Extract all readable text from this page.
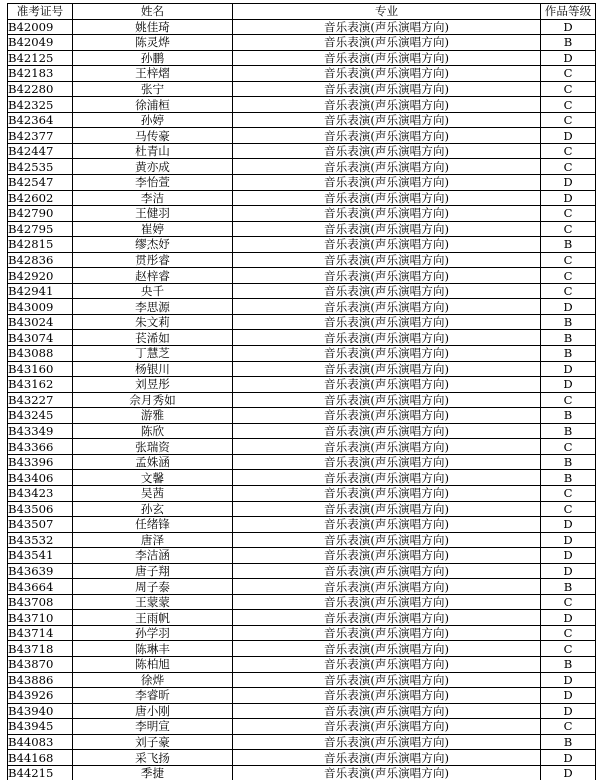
准考证号	姓名	专业	作品等级
B42009	姚佳琦	音乐表演(声乐演唱方向)	D
B42049	陈灵烨	音乐表演(声乐演唱方向)	B
B42125	孙鹏	音乐表演(声乐演唱方向)	D
B42183	王梓熠	音乐表演(声乐演唱方向)	C
B42280	张宁	音乐表演(声乐演唱方向)	C
B42325	徐浦桓	音乐表演(声乐演唱方向)	C
B42364	孙婷	音乐表演(声乐演唱方向)	C
B42377	马传豪	音乐表演(声乐演唱方向)	D
B42447	杜青山	音乐表演(声乐演唱方向)	C
B42535	黄亦成	音乐表演(声乐演唱方向)	C
B42547	李怡萱	音乐表演(声乐演唱方向)	D
B42602	李洁	音乐表演(声乐演唱方向)	D
B42790	王健羽	音乐表演(声乐演唱方向)	C
B42795	崔婷	音乐表演(声乐演唱方向)	C
B42815	缪杰妤	音乐表演(声乐演唱方向)	B
B42836	贯彤睿	音乐表演(声乐演唱方向)	C
B42920	赵梓睿	音乐表演(声乐演唱方向)	C
B42941	央千	音乐表演(声乐演唱方向)	C
B43009	李思源	音乐表演(声乐演唱方向)	D
B43024	朱文莉	音乐表演(声乐演唱方向)	B
B43074	苌浠如	音乐表演(声乐演唱方向)	B
B43088	丁慧芝	音乐表演(声乐演唱方向)	B
B43160	杨银川	音乐表演(声乐演唱方向)	D
B43162	刘昱彤	音乐表演(声乐演唱方向)	D
B43227	佘月秀如	音乐表演(声乐演唱方向)	C
B43245	游雅	音乐表演(声乐演唱方向)	B
B43349	陈欣	音乐表演(声乐演唱方向)	B
B43366	张瑞资	音乐表演(声乐演唱方向)	C
B43396	孟姝涵	音乐表演(声乐演唱方向)	B
B43406	文馨	音乐表演(声乐演唱方向)	B
B43423	吴茜	音乐表演(声乐演唱方向)	C
B43506	孙玄	音乐表演(声乐演唱方向)	C
B43507	任绪锋	音乐表演(声乐演唱方向)	D
B43532	唐泽	音乐表演(声乐演唱方向)	D
B43541	李洁涵	音乐表演(声乐演唱方向)	D
B43639	唐子翔	音乐表演(声乐演唱方向)	D
B43664	周子泰	音乐表演(声乐演唱方向)	B
B43708	王蒙蒙	音乐表演(声乐演唱方向)	C
B43710	王雨帆	音乐表演(声乐演唱方向)	D
B43714	孙学羽	音乐表演(声乐演唱方向)	C
B43718	陈琳丰	音乐表演(声乐演唱方向)	C
B43870	陈柏旭	音乐表演(声乐演唱方向)	B
B43886	徐烨	音乐表演(声乐演唱方向)	D
B43926	李睿昕	音乐表演(声乐演唱方向)	D
B43940	唐小刚	音乐表演(声乐演唱方向)	D
B43945	李明宣	音乐表演(声乐演唱方向)	C
B44083	刘子豪	音乐表演(声乐演唱方向)	B
B44168	采飞扬	音乐表演(声乐演唱方向)	D
B44215	季捷	音乐表演(声乐演唱方向)	D
